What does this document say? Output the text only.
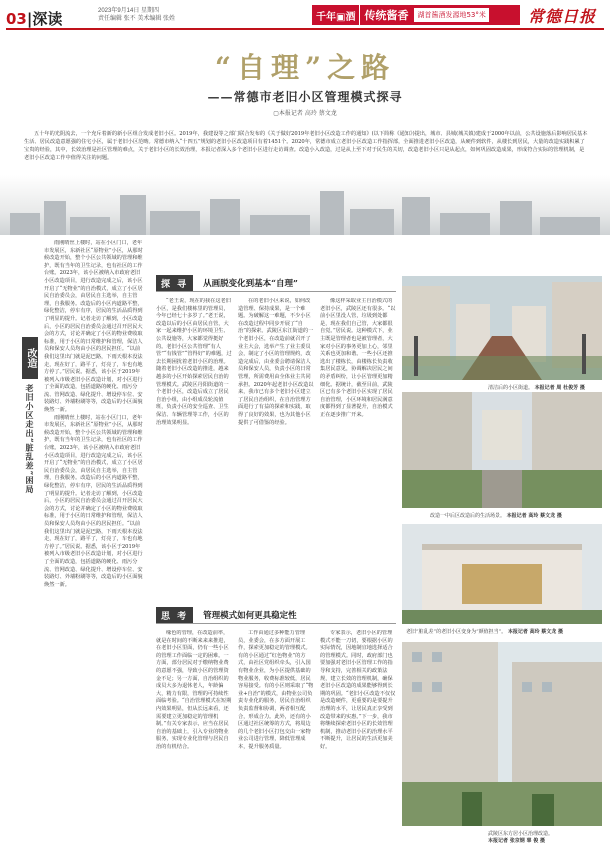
03|深读	2023年9月14日 星期四
责任编辑 张不 美术编辑 张姓	千年▣酒 传统酱香	湖首酱酒发源地53°米	常德日报
“自理”之路
——常德市老旧小区管理模式探寻
▢本报记者 高玲 蔡文龙
五十年的光阴流去，一个充斥着新的新小区组合发成老旧小区。2019年，我建设等之部门联合发布的《关于做好2019年老旧小区改造工作的通知》(以下简称《通知》)提出，城市、县城(城关镇)建成于2000年以前，公共设施落后影响居民基本生活、居民改造意愿强的住宅小区，属于老旧小区范畴。常德市纳入“十四五”规划的老旧小区改造项目有着1451个。2020年，常德市成立老旧小区改造工作指挥部，全面推进老旧小区改造，从硬件到软件，从楼长到居民，大量的改造实践积累了宝贵的经验，其中，长效治理是社区管理的难点，关于老旧小区的长效治理，本报记者深入多个老旧小区进行走访调查。改造小入改造，过是从上至下对于民生的关切，改造老旧小区只是从起点，如何巩固改造成果，形成符合实际的管理机制，是老旧小区改造工作中值得关注的问题。
改造
老旧小区走出“脏乱差”困局

雨刚晴丝上楼时，站在小区门口，老年市发展区，东新社区“原物业”小区，从那时候改造开始，整个小区公共领域的管理和维护，既有当年的卫生记录，也有社区的工作台账。2023年，该小区被纳入市政府老旧小区改造项目，进行改造完成之后，该小区开启了“无物业”的自治模式，成立了小区居民自治委员会，由居民自主选举，自主管理，自我服务。改造后的小区内道路平整，绿化整洁，停车有序，居民的生活品质得到了明显的提升。记者走访了解到，小区改造后，小区的居民自治委员会通过召开居民大会的方式，讨论并确定了小区的物业费收取标准，用于小区的日常维护和管理，保洁人员和保安人员均由小区的居民担任。“以前我们这里出门就是泥巴路，下雨天根本没法走，现在好了，路平了，灯亮了，车也有地方停了。”居民说。据悉，该小区于2019年被列入市级老旧小区改造计划，对小区进行了全面的改造，包括道路的硬化、雨污分流、管网改造、绿化提升、增设停车位、安装路灯、外墙粉刷等等，改造后的小区面貌焕然一新。

雨刚晴丝上楼时，站在小区门口，老年市发展区，东新社区“原物业”小区，从那时候改造开始，整个小区公共领域的管理和维护，既有当年的卫生记录，也有社区的工作台账。2023年，该小区被纳入市政府老旧小区改造项目，进行改造完成之后，该小区开启了“无物业”的自治模式，成立了小区居民自治委员会，由居民自主选举，自主管理，自我服务。改造后的小区内道路平整，绿化整洁，停车有序，居民的生活品质得到了明显的提升。记者走访了解到，小区改造后，小区的居民自治委员会通过召开居民大会的方式，讨论并确定了小区的物业费收取标准，用于小区的日常维护和管理，保洁人员和保安人员均由小区的居民担任。“以前我们这里出门就是泥巴路，下雨天根本没法走，现在好了，路平了，灯亮了，车也有地方停了。”居民说。据悉，该小区于2019年被列入市级老旧小区改造计划，对小区进行了全面的改造，包括道路的硬化、雨污分流、管网改造、绿化提升、增设停车位、安装路灯、外墙粉刷等等，改造后的小区面貌焕然一新。

探 寻	从画脱变化到基本“自理”

“老王说，现在的我在这老旧小区，是我们楼栋里的管理员，今年已经七十多岁了。”老王说，改造以后的小区由居民自管，大家一起来维护小区的环境卫生、公共设施等，大家都觉得挺好的。老旧小区公共管理“有人管”“有钱管”“管得好”的难题，过去长期困扰着老旧小区的治理。随着老旧小区改造的推进，越来越多的小区开始探索居民自治的管理模式。武陵区丹阳街道的一个老旧小区，改造后成立了居民自治小组，由小组成员轮流值班，负责小区的安全巡查、卫生保洁、车辆管理等工作，小区的治理效果明显。

在的老旧小区来说，如何改造管理、保持成果，是一个难题。为破解这一难题，不少小区在改造过程中同步开展了“自治”的探索。武陵区东江街道的一个老旧小区，在改造前就召开了业主大会，选举产生了业主委员会，制定了小区的管理规约，改造完成后，由业委会聘请保洁人员和保安人员，负责小区的日常管理，所需费用由全体业主共同承担。2020年起老旧小区改造以来，我市已有多个老旧小区建立了居民自治组织，在自治管理方面进行了有益的探索和实践，取得了良好的效果，也为其他小区提供了可借鉴的经验。

像这样采取业主自治模式的老旧小区，武陵区还有很多。“以前小区里没人管，垃圾到处都是，现在我们自己管，大家都很自觉。”居民说。这种模式下，业主既是管理者也是被管理者，大家对小区的事务更加上心，邻里关系也更加和谐。一些小区还推选出了楼栋长，由楼栋长负责收集居民意见，协调解决居民之间的矛盾纠纷，让小区管理更加精细化。据统计，截至目前，武陵区已有多个老旧小区实现了居民自治管理，小区环境和居民满意度都得到了显著提升，自治模式正在逐步推广开来。

思 考	管理模式如何更具稳定性

缘色的管理，在改造前率，就是在时间的不断来来来推进，在老旧小区里面，仍有一些小区的管理工作面临一定的困难。一方面，部分居民对于缴纳物业费的意愿不强，导致小区的管理资金不足；另一方面，自治组织的成员大多为退休老人，年龄偏大，精力有限，管理的可持续性面临考验。“自治管理模式在短期内效果明显，但从长远来看，还需要建立更加稳定的管理机制。”有关专家表示，应当在居民自治的基础上，引入专业的物业服务，实现专业化管理与居民自治的有机结合。

工作由通过多种能力管理员，业委会，在多方面开展工作，探索更加稳定的管理模式。有的小区通过“红色物业”的方式，由社区党组织牵头，引入国有物业企业，为小区提供基础的物业服务，收费标准较低，居民容易接受。有的小区则采取了“物业+自治”的模式，由物业公司负责专业化的服务，居民自治组织负责监督和协调，两者相互配合，形成合力。此外，还有的小区通过社区统筹的方式，将周边的几个老旧小区打包交由一家物业公司进行管理，降低管理成本，提升服务质量。

专家表示，老旧小区的管理模式不能一刀切，要根据小区的实际情况，因地制宜地选择适合的管理模式。同时，政府部门也要加强对老旧小区管理工作的指导和支持，完善相关的政策法规，建立长效的管理机制，确保老旧小区改造的成果能够得到长期的巩固。“老旧小区改造不仅仅是改造硬件，更重要的是要提升治理的水平，让居民真正享受到改造带来的实惠。”下一步，我市将继续探索老旧小区的长效管理机制，推动老旧小区的治理水平不断提升，让居民的生活更加美好。

清洁后的小区街道。 本报记者 周 杜俊芳 摄
改造一中后区改造后的生活场景。 本报记者 高玲 蔡文龙 摄
老旧“脏乱差”的老旧小区变身为“颜值担当”。 本报记者 高玲 蔡文龙 摄
武陵区东方居小区治理改造。
本报记者 张京钢 辜 俊 摄
